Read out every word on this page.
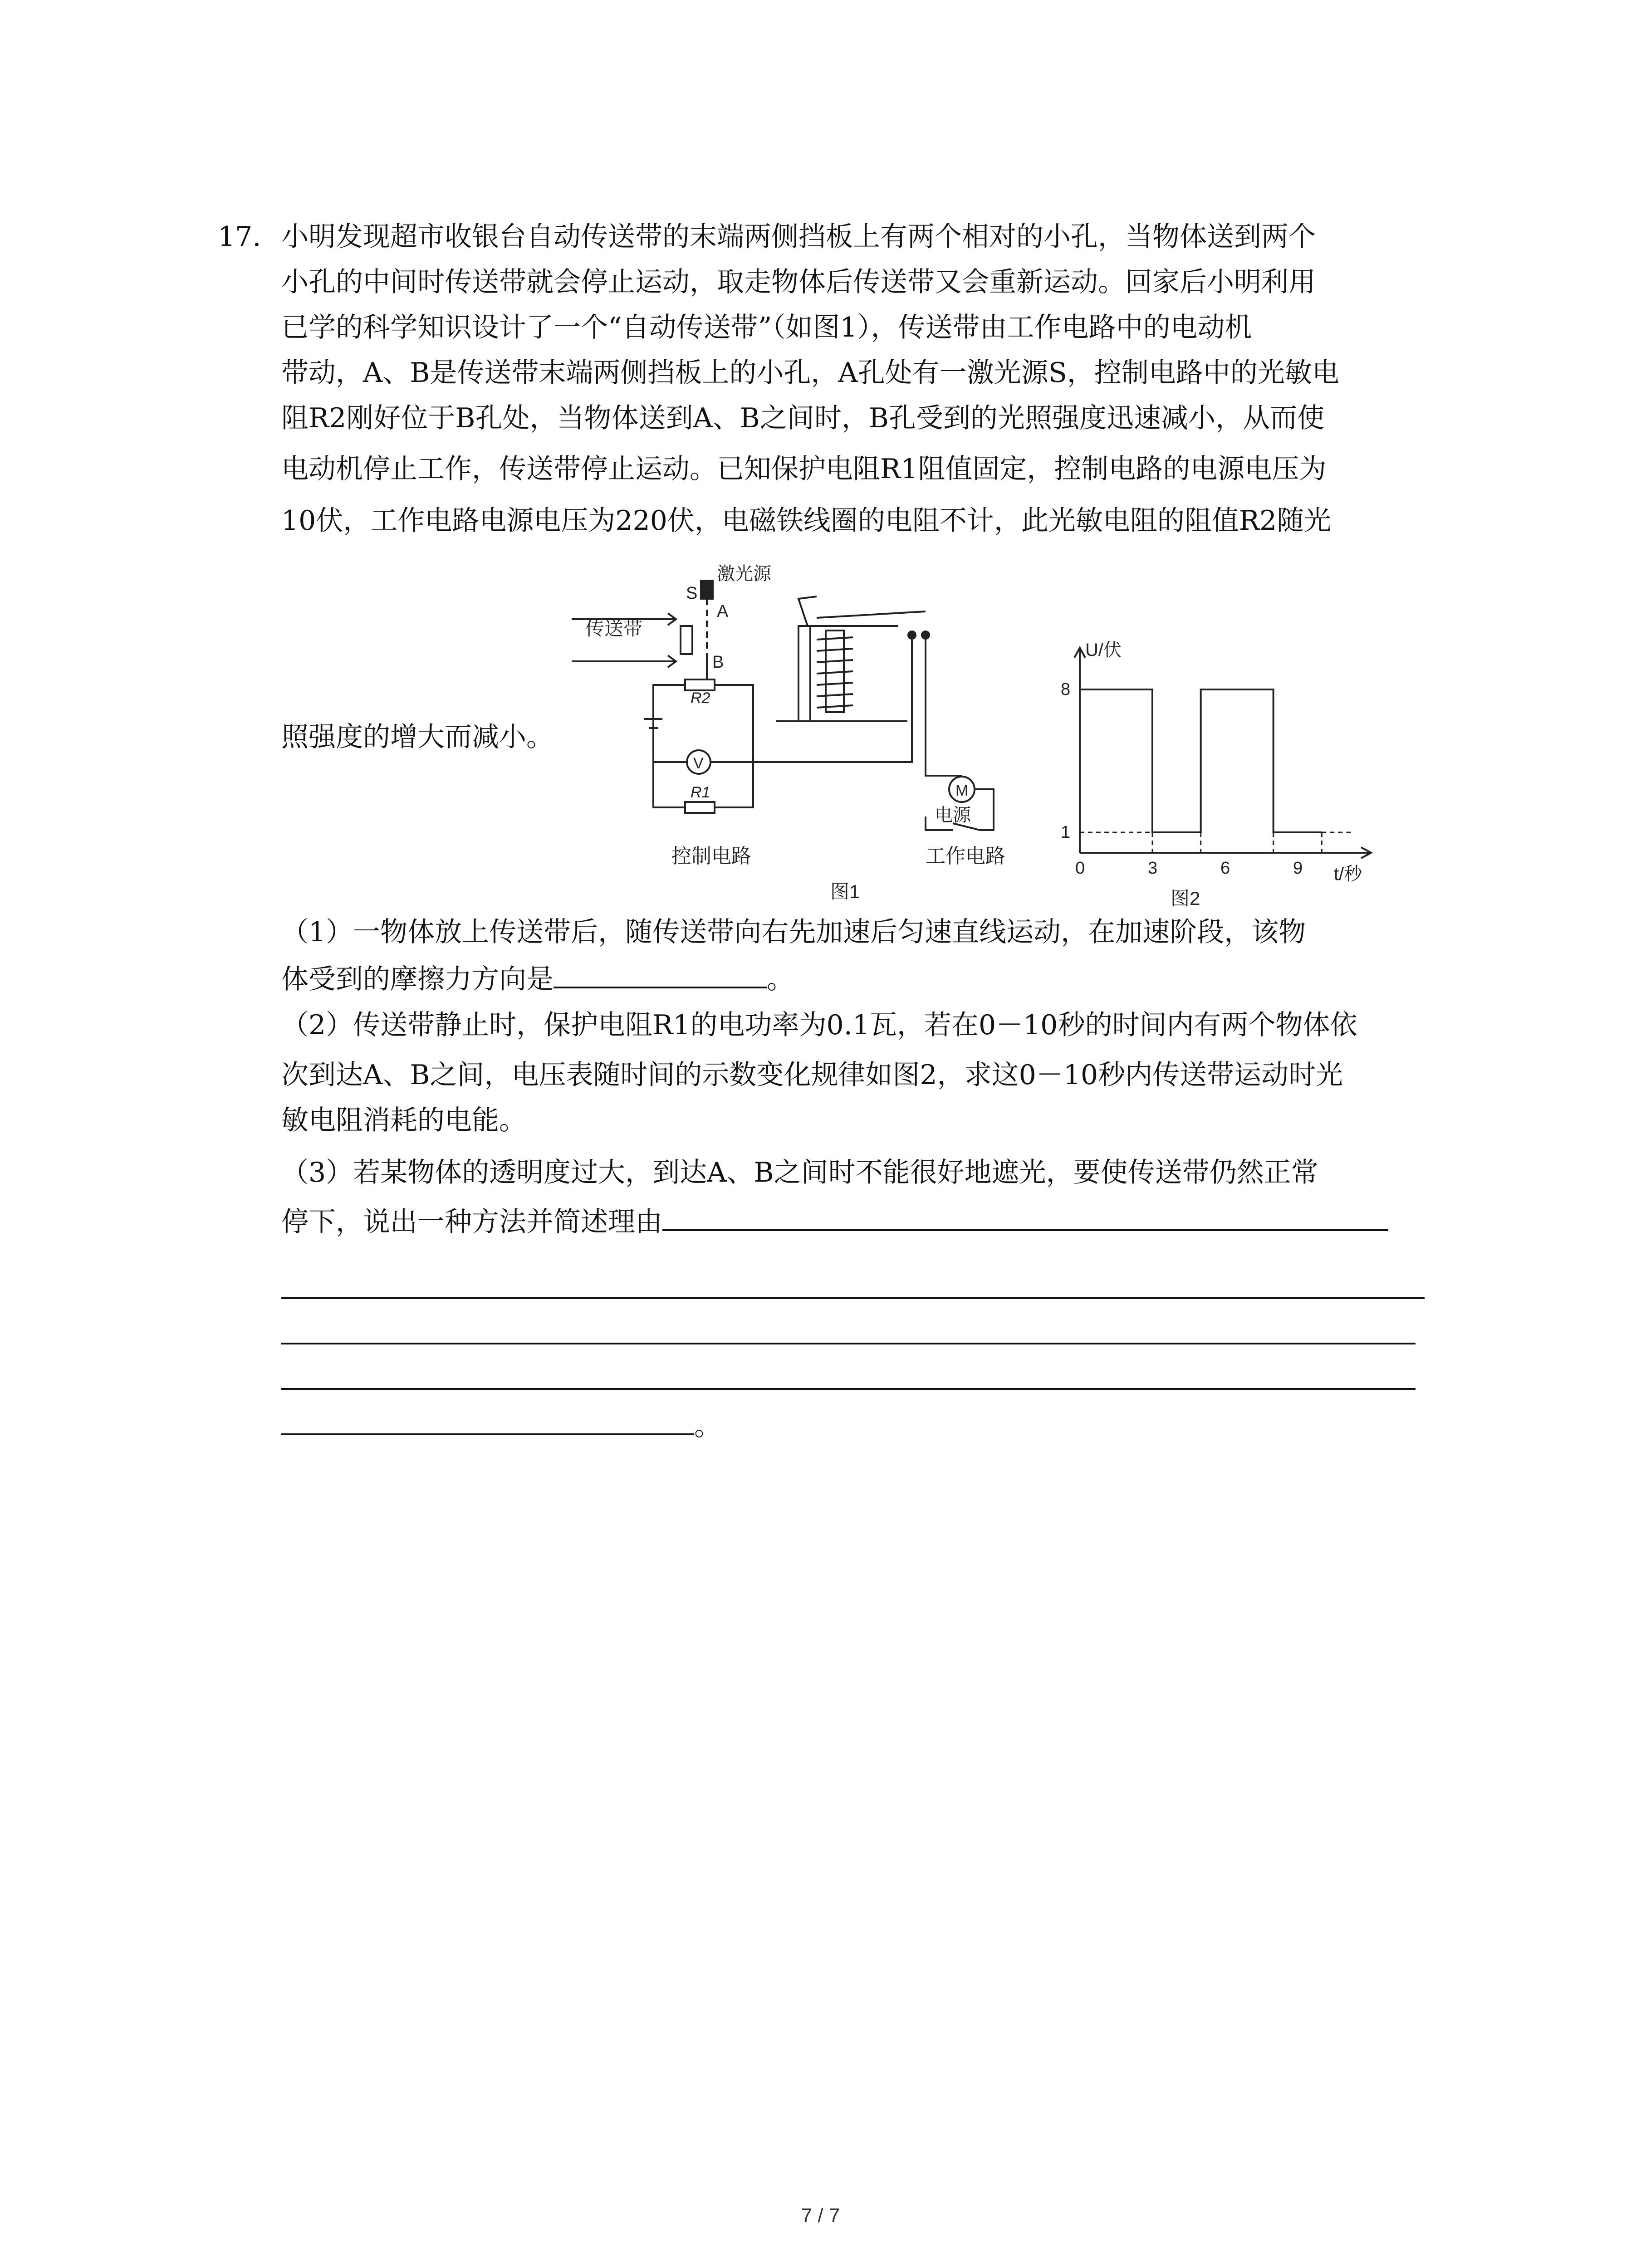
17. 小明发现超市收银台自动传送带的末端两侧挡板上有两个相对的小孔，当物体送到两个
小孔的中间时传送带就会停止运动，取走物体后传送带又会重新运动。回家后小明利用
已学的科学知识设计了一个“自动传送带”（如图1），传送带由工作电路中的电动机
带动，A、B是传送带末端两侧挡板上的小孔，A孔处有一激光源S，控制电路中的光敏电
阻R2刚好位于B孔处，当物体送到A、B之间时，B孔受到的光照强度迅速减小，从而使
电动机停止工作，传送带停止运动。已知保护电阻R1阻值固定，控制电路的电源电压为
10伏，工作电路电源电压为220伏，电磁铁线圈的电阻不计，此光敏电阻的阻值R2随光
照强度的增大而减小。
激光源
S
A
B
传送带
R2
V
R1	M
电源
控制电路	工作电路
图1
8
1
0	3	6	9
U/伏
t/秒
图2
（1）一物体放上传送带后，随传送带向右先加速后匀速直线运动，在加速阶段，该物
体受到的摩擦力方向是	。
（2）传送带静止时，保护电阻R1的电功率为0.1瓦，若在0－10秒的时间内有两个物体依
次到达A、B之间，电压表随时间的示数变化规律如图2，求这0－10秒内传送带运动时光
敏电阻消耗的电能。
（3）若某物体的透明度过大，到达A、B之间时不能很好地遮光，要使传送带仍然正常
停下，说出一种方法并简述理由
。
7 / 7
